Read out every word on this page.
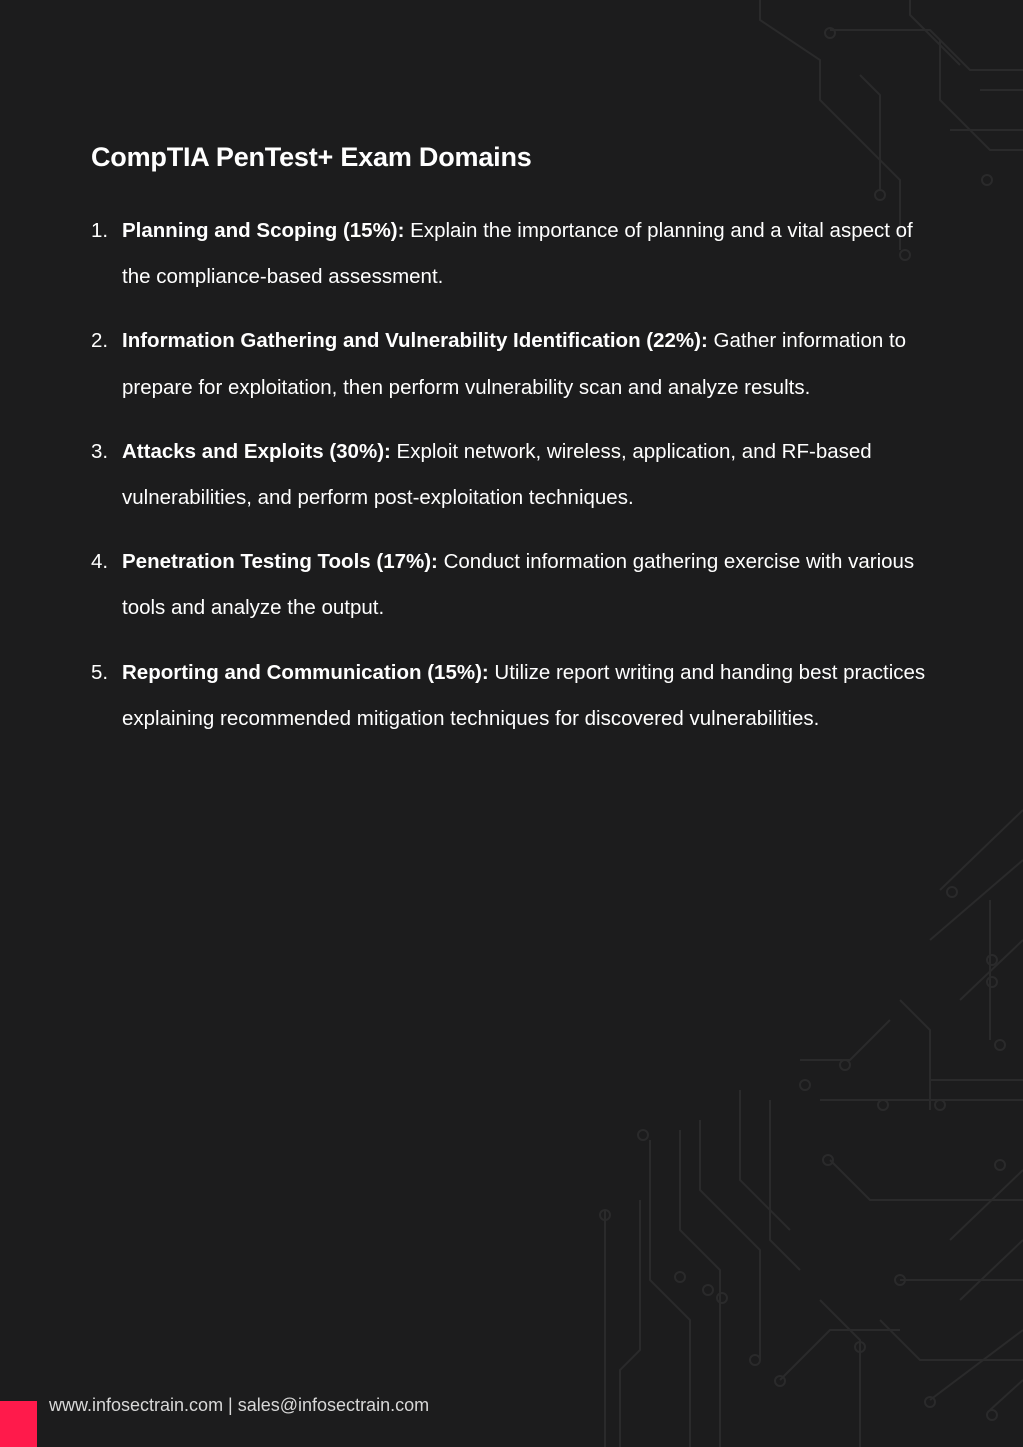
CompTIA PenTest+ Exam Domains
1. Planning and Scoping (15%): Explain the importance of planning and a vital aspect of the compliance-based assessment.
2. Information Gathering and Vulnerability Identification (22%): Gather information to prepare for exploitation, then perform vulnerability scan and analyze results.
3. Attacks and Exploits (30%): Exploit network, wireless, application, and RF-based vulnerabilities, and perform post-exploitation techniques.
4. Penetration Testing Tools (17%): Conduct information gathering exercise with various tools and analyze the output.
5. Reporting and Communication (15%): Utilize report writing and handing best practices explaining recommended mitigation techniques for discovered vulnerabilities.
www.infosectrain.com | sales@infosectrain.com
